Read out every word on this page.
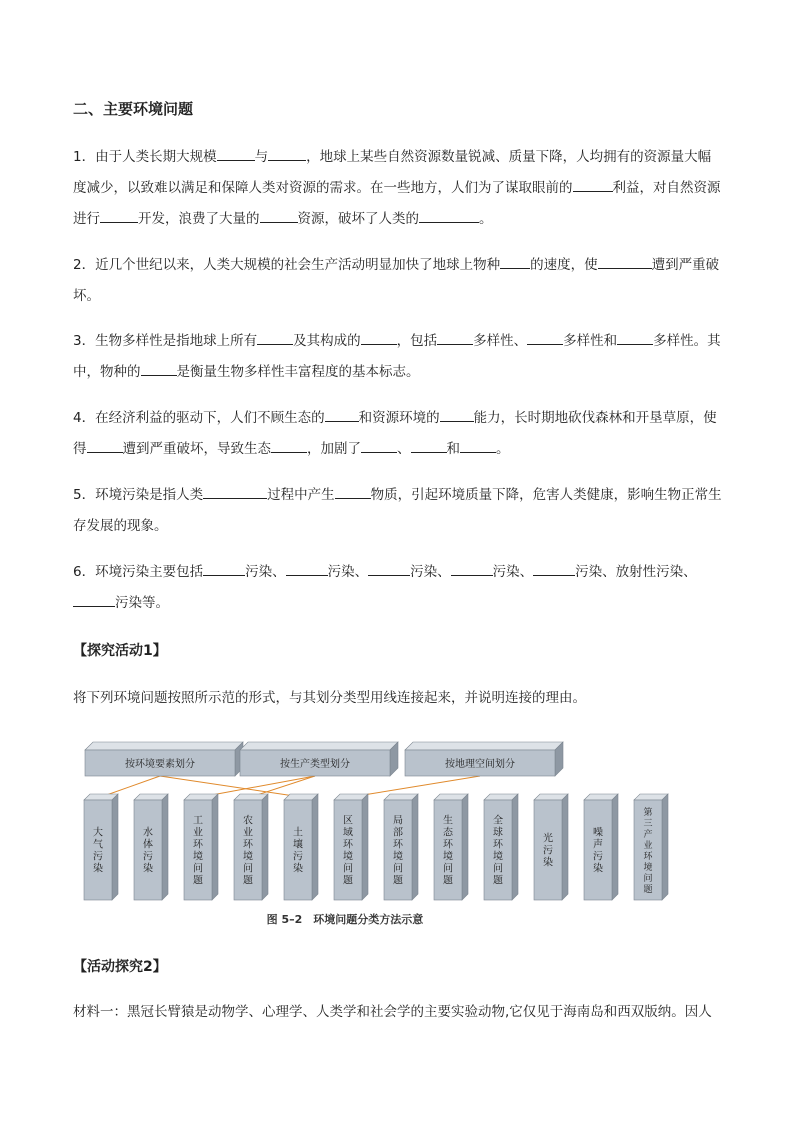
二、主要环境问题

1．由于人类长期大规模	与	，地球上某些自然资源数量锐减、质量下降，人均拥有的资源量大幅度减少，以致难以满足和保障人类对资源的需求。在一些地方，人们为了谋取眼前的	利益，对自然资源进行	开发，浪费了大量的	资源，破坏了人类的	。

2．近几个世纪以来，人类大规模的社会生产活动明显加快了地球上物种 的速度，使	遭到严重破坏。

3．生物多样性是指地球上所有	及其构成的	，包括	多样性、	多样性和	多样性。其中，物种的	是衡量生物多样性丰富程度的基本标志。

4．在经济利益的驱动下，人们不顾生态的	和资源环境的	能力，长时期地砍伐森林和开垦草原，使得	遭到严重破坏，导致生态	，加剧了	、	和	。

5．环境污染是指人类	过程中产生	物质，引起环境质量下降，危害人类健康，影响生物正常生存发展的现象。

6．环境污染主要包括	污染、	污染、	污染、	污染、	污染、放射性污染、污染等。

【探究活动1】

将下列环境问题按照所示范的形式，与其划分类型用线连接起来，并说明连接的理由。

按环境要素划分	按生产类型划分	按地理空间划分
大气污染
水体污染
工业环境问题
农业环境问题
土壤污染
区域环境问题
局部环境问题
生态环境问题
全球环境问题
光污染
噪声污染
第三产业环境问题
图 5–2　环境问题分类方法示意

【活动探究2】

材料一：黑冠长臂猿是动物学、心理学、人类学和社会学的主要实验动物,它仅见于海南岛和西双版纳。因人
